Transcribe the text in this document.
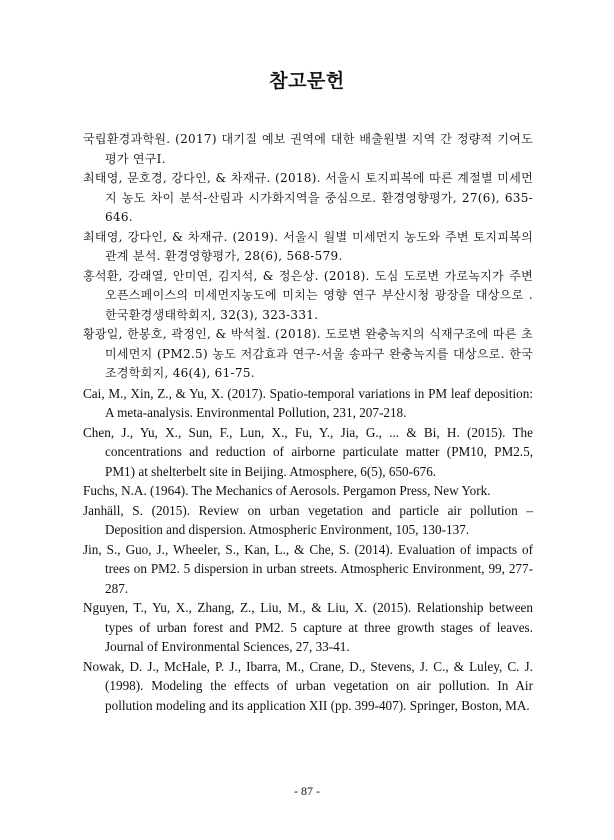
참고문헌
국립환경과학원. (2017) 대기질 예보 권역에 대한 배출원별 지역 간 정량적 기여도 평가 연구Ⅰ.
최태영, 문호경, 강다인, & 차재규. (2018). 서울시 토지피복에 따른 계절별 미세먼지 농도 차이 분석-산림과 시가화지역을 중심으로. 환경영향평가, 27(6), 635-646.
최태영, 강다인, & 차재규. (2019). 서울시 월별 미세먼지 농도와 주변 토지피복의 관계 분석. 환경영향평가, 28(6), 568-579.
홍석환, 강래열, 안미연, 김지석, & 정은상. (2018). 도심 도로변 가로녹지가 주변 오픈스페이스의 미세먼지농도에 미치는 영향 연구 부산시청 광장을 대상으로 . 한국환경생태학회지, 32(3), 323-331.
황광일, 한봉호, 곽정인, & 박석철. (2018). 도로변 완충녹지의 식재구조에 따른 초미세먼지 (PM2.5) 농도 저감효과 연구-서울 송파구 완충녹지를 대상으로. 한국조경학회지, 46(4), 61-75.
Cai, M., Xin, Z., & Yu, X. (2017). Spatio-temporal variations in PM leaf deposition: A meta-analysis. Environmental Pollution, 231, 207-218.
Chen, J., Yu, X., Sun, F., Lun, X., Fu, Y., Jia, G., ... & Bi, H. (2015). The concentrations and reduction of airborne particulate matter (PM10, PM2.5, PM1) at shelterbelt site in Beijing. Atmosphere, 6(5), 650-676.
Fuchs, N.A. (1964). The Mechanics of Aerosols. Pergamon Press, New York.
Janhäll, S. (2015). Review on urban vegetation and particle air pollution – Deposition and dispersion. Atmospheric Environment, 105, 130-137.
Jin, S., Guo, J., Wheeler, S., Kan, L., & Che, S. (2014). Evaluation of impacts of trees on PM2. 5 dispersion in urban streets. Atmospheric Environment, 99, 277-287.
Nguyen, T., Yu, X., Zhang, Z., Liu, M., & Liu, X. (2015). Relationship between types of urban forest and PM2. 5 capture at three growth stages of leaves. Journal of Environmental Sciences, 27, 33-41.
Nowak, D. J., McHale, P. J., Ibarra, M., Crane, D., Stevens, J. C., & Luley, C. J. (1998). Modeling the effects of urban vegetation on air pollution. In Air pollution modeling and its application XII (pp. 399-407). Springer, Boston, MA.
- 87 -
